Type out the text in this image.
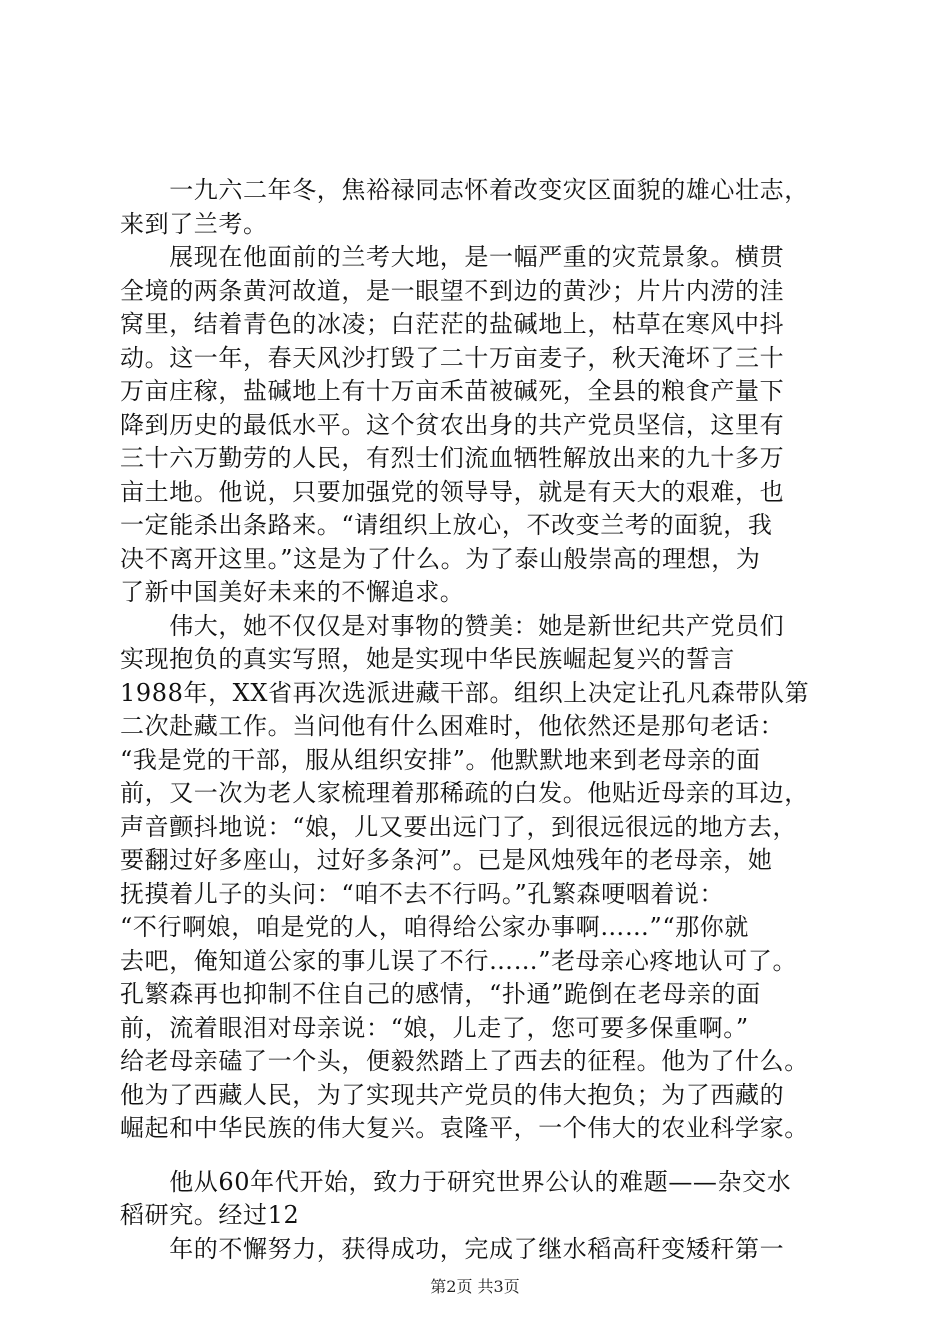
　　一九六二年冬，焦裕禄同志怀着改变灾区面貌的雄心壮志，
来到了兰考。
　　展现在他面前的兰考大地，是一幅严重的灾荒景象。横贯
全境的两条黄河故道，是一眼望不到边的黄沙；片片内涝的洼
窝里，结着青色的冰凌；白茫茫的盐碱地上，枯草在寒风中抖
动。这一年，春天风沙打毁了二十万亩麦子，秋天淹坏了三十
万亩庄稼，盐碱地上有十万亩禾苗被碱死，全县的粮食产量下
降到历史的最低水平。这个贫农出身的共产党员坚信，这里有
三十六万勤劳的人民，有烈士们流血牺牲解放出来的九十多万
亩土地。他说，只要加强党的领导导，就是有天大的艰难，也
一定能杀出条路来。“请组织上放心，不改变兰考的面貌，我
决不离开这里。”这是为了什么。为了泰山般崇高的理想，为
了新中国美好未来的不懈追求。
　　伟大，她不仅仅是对事物的赞美：她是新世纪共产党员们
实现抱负的真实写照，她是实现中华民族崛起复兴的誓言
1988年，XX省再次选派进藏干部。组织上决定让孔凡森带队第
二次赴藏工作。当问他有什么困难时，他依然还是那句老话：
“我是党的干部，服从组织安排”。他默默地来到老母亲的面
前，又一次为老人家梳理着那稀疏的白发。他贴近母亲的耳边，
声音颤抖地说：“娘，儿又要出远门了，到很远很远的地方去，
要翻过好多座山，过好多条河”。已是风烛残年的老母亲，她
抚摸着儿子的头问：“咱不去不行吗。”孔繁森哽咽着说：
“不行啊娘，咱是党的人，咱得给公家办事啊……”“那你就
去吧，俺知道公家的事儿误了不行……”老母亲心疼地认可了。
孔繁森再也抑制不住自己的感情，“扑通”跪倒在老母亲的面
前，流着眼泪对母亲说：“娘，儿走了，您可要多保重啊。”
给老母亲磕了一个头，便毅然踏上了西去的征程。他为了什么。
他为了西藏人民，为了实现共产党员的伟大抱负；为了西藏的
崛起和中华民族的伟大复兴。袁隆平，一个伟大的农业科学家。
　　他从60年代开始，致力于研究世界公认的难题——杂交水
稻研究。经过12
　　年的不懈努力，获得成功，完成了继水稻高秆变矮秆第一
第2页 共3页
